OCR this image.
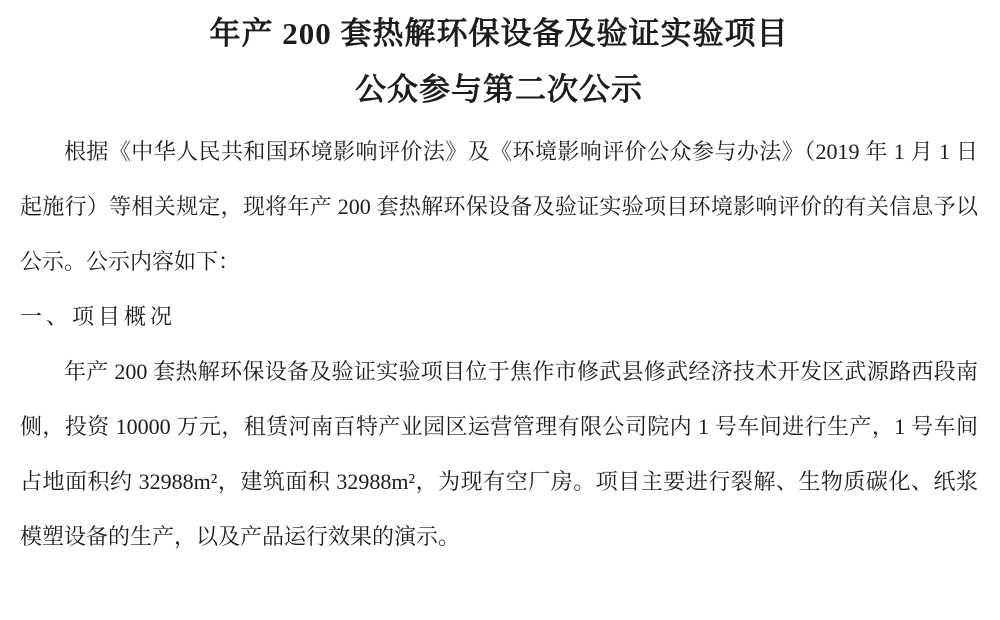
年产 200 套热解环保设备及验证实验项目
公众参与第二次公示

根据《中华人民共和国环境影响评价法》及《环境影响评价公众参与办法》（2019 年 1 月 1 日起施行）等相关规定，现将年产 200 套热解环保设备及验证实验项目环境影响评价的有关信息予以公示。公示内容如下：

一、项目概况

年产 200 套热解环保设备及验证实验项目位于焦作市修武县修武经济技术开发区武源路西段南侧，投资 10000 万元，租赁河南百特产业园区运营管理有限公司院内 1 号车间进行生产，1 号车间占地面积约 32988m²，建筑面积 32988m²，为现有空厂房。项目主要进行裂解、生物质碳化、纸浆模塑设备的生产，以及产品运行效果的演示。
